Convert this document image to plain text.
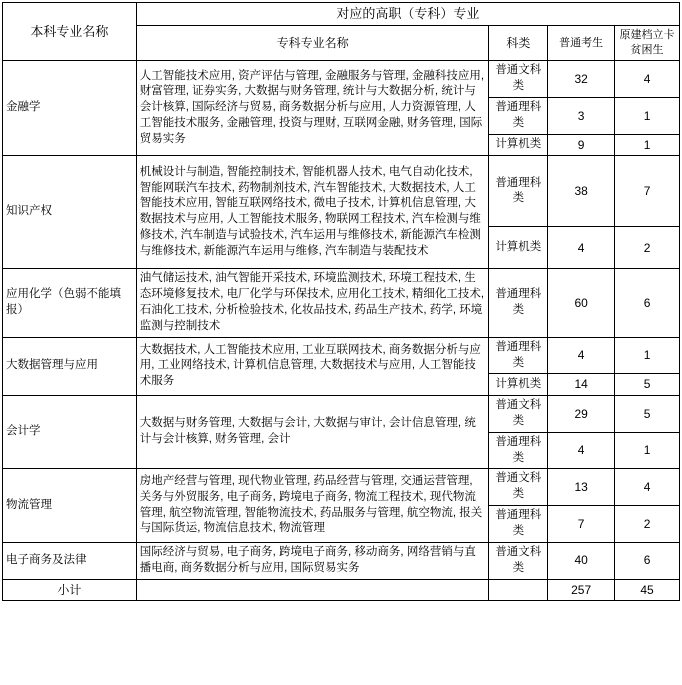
本科专业名称	对应的高职（专科）专业			
	专科专业名称	科类	普通考生	原建档立卡贫困生
金融学	人工智能技术应用, 资产评估与管理, 金融服务与管理, 金融科技应用, 财富管理, 证券实务, 大数据与财务管理, 统计与大数据分析, 统计与会计核算, 国际经济与贸易, 商务数据分析与应用, 人力资源管理, 人工智能技术服务, 金融管理, 投资与理财, 互联网金融, 财务管理, 国际贸易实务	普通文科类	32	4
		普通理科类	3	1
		计算机类	9	1
知识产权	机械设计与制造, 智能控制技术, 智能机器人技术, 电气自动化技术, 智能网联汽车技术, 药物制剂技术, 汽车智能技术, 大数据技术, 人工智能技术应用, 智能互联网络技术, 微电子技术, 计算机信息管理, 大数据技术与应用, 人工智能技术服务, 物联网工程技术, 汽车检测与维修技术, 汽车制造与试验技术, 汽车运用与维修技术, 新能源汽车检测与维修技术, 新能源汽车运用与维修, 汽车制造与装配技术	普通理科类	38	7
		计算机类	4	2
应用化学（色弱不能填报）	油气储运技术, 油气智能开采技术, 环境监测技术, 环境工程技术, 生态环境修复技术, 电厂化学与环保技术, 应用化工技术, 精细化工技术, 石油化工技术, 分析检验技术, 化妆品技术, 药品生产技术, 药学, 环境监测与控制技术	普通理科类	60	6
大数据管理与应用	大数据技术, 人工智能技术应用, 工业互联网技术, 商务数据分析与应用, 工业网络技术, 计算机信息管理, 大数据技术与应用, 人工智能技术服务	普通理科类	4	1
		计算机类	14	5
会计学	大数据与财务管理, 大数据与会计, 大数据与审计, 会计信息管理, 统计与会计核算, 财务管理, 会计	普通文科类	29	5
		普通理科类	4	1
物流管理	房地产经营与管理, 现代物业管理, 药品经营与管理, 交通运营管理, 关务与外贸服务, 电子商务, 跨境电子商务, 物流工程技术, 现代物流管理, 航空物流管理, 智能物流技术, 药品服务与管理, 航空物流, 报关与国际货运, 物流信息技术, 物流管理	普通文科类	13	4
		普通理科类	7	2
电子商务及法律	国际经济与贸易, 电子商务, 跨境电子商务, 移动商务, 网络营销与直播电商, 商务数据分析与应用, 国际贸易实务	普通文科类	40	6
小计			257	45
